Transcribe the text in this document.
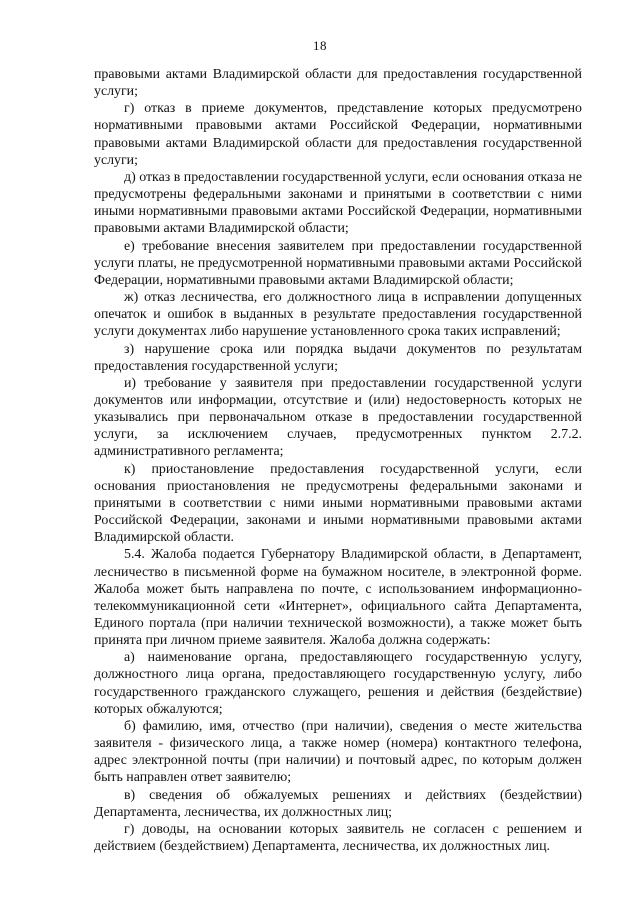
18

правовыми актами Владимирской области для предоставления государственной услуги;

г) отказ в приеме документов, представление которых предусмотрено нормативными правовыми актами Российской Федерации, нормативными правовыми актами Владимирской области для предоставления государственной услуги;

д) отказ в предоставлении государственной услуги, если основания отказа не предусмотрены федеральными законами и принятыми в соответствии с ними иными нормативными правовыми актами Российской Федерации, нормативными правовыми актами Владимирской области;

е) требование внесения заявителем при предоставлении государственной услуги платы, не предусмотренной нормативными правовыми актами Российской Федерации, нормативными правовыми актами Владимирской области;

ж) отказ лесничества, его должностного лица в исправлении допущенных опечаток и ошибок в выданных в результате предоставления государственной услуги документах либо нарушение установленного срока таких исправлений;

з) нарушение срока или порядка выдачи документов по результатам предоставления государственной услуги;

и) требование у заявителя при предоставлении государственной услуги документов или информации, отсутствие и (или) недостоверность которых не указывались при первоначальном отказе в предоставлении государственной услуги, за исключением случаев, предусмотренных пунктом 2.7.2. административного регламента;

к) приостановление предоставления государственной услуги, если основания приостановления не предусмотрены федеральными законами и принятыми в соответствии с ними иными нормативными правовыми актами Российской Федерации, законами и иными нормативными правовыми актами Владимирской области.

5.4. Жалоба подается Губернатору Владимирской области, в Департамент, лесничество в письменной форме на бумажном носителе, в электронной форме. Жалоба может быть направлена по почте, с использованием информационно-телекоммуникационной сети «Интернет», официального сайта Департамента, Единого портала (при наличии технической возможности), а также может быть принята при личном приеме заявителя. Жалоба должна содержать:

а) наименование органа, предоставляющего государственную услугу, должностного лица органа, предоставляющего государственную услугу, либо государственного гражданского служащего, решения и действия (бездействие) которых обжалуются;

б) фамилию, имя, отчество (при наличии), сведения о месте жительства заявителя - физического лица, а также номер (номера) контактного телефона, адрес электронной почты (при наличии) и почтовый адрес, по которым должен быть направлен ответ заявителю;

в) сведения об обжалуемых решениях и действиях (бездействии) Департамента, лесничества, их должностных лиц;

г) доводы, на основании которых заявитель не согласен с решением и действием (бездействием) Департамента, лесничества, их должностных лиц.
